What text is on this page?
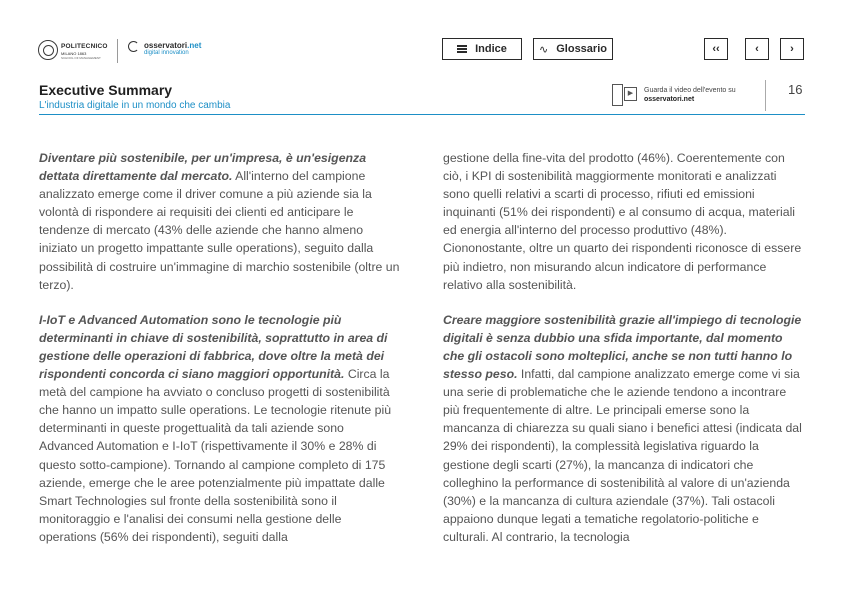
POLITECNICO
MILANO 1863
SCHOOL OF MANAGEMENT
osservatori.net
digital innovation	Indice	∿ Glossario	‹‹	‹	›
Executive Summary
L'industria digitale in un mondo che cambia
▶	Guarda il video dell'evento su
osservatori.net
16

Diventare più sostenibile, per un'impresa, è un'esigenza dettata direttamente dal mercato. All'interno del campione analizzato emerge come il driver comune a più aziende sia la volontà di rispondere ai requisiti dei clienti ed anticipare le tendenze di mercato (43% delle aziende che hanno almeno iniziato un progetto impattante sulle operations), seguito dalla possibilità di costruire un'immagine di marchio sostenibile (oltre un terzo).

I-IoT e Advanced Automation sono le tecnologie più determinanti in chiave di sostenibilità, soprattutto in area di gestione delle operazioni di fabbrica, dove oltre la metà dei rispondenti concorda ci siano maggiori opportunità. Circa la metà del campione ha avviato o concluso progetti di sostenibilità che hanno un impatto sulle operations. Le tecnologie ritenute più determinanti in queste progettualità da tali aziende sono Advanced Automation e I-IoT (rispettivamente il 30% e 28% di questo sotto-campione). Tornando al campione completo di 175 aziende, emerge che le aree potenzialmente più impattate dalle Smart Technologies sul fronte della sostenibilità sono il monitoraggio e l'analisi dei consumi nella gestione delle operations (56% dei rispondenti), seguiti dalla

gestione della fine-vita del prodotto (46%). Coerentemente con ciò, i KPI di sostenibilità maggiormente monitorati e analizzati sono quelli relativi a scarti di processo, rifiuti ed emissioni inquinanti (51% dei rispondenti) e al consumo di acqua, materiali ed energia all'interno del processo produttivo (48%). Ciononostante, oltre un quarto dei rispondenti riconosce di essere più indietro, non misurando alcun indicatore di performance relativo alla sostenibilità.

Creare maggiore sostenibilità grazie all'impiego di tecnologie digitali è senza dubbio una sfida importante, dal momento che gli ostacoli sono molteplici, anche se non tutti hanno lo stesso peso. Infatti, dal campione analizzato emerge come vi sia una serie di problematiche che le aziende tendono a incontrare più frequentemente di altre. Le principali emerse sono la mancanza di chiarezza su quali siano i benefici attesi (indicata dal 29% dei rispondenti), la complessità legislativa riguardo la gestione degli scarti (27%), la mancanza di indicatori che colleghino la performance di sostenibilità al valore di un'azienda (30%) e la mancanza di cultura aziendale (37%). Tali ostacoli appaiono dunque legati a tematiche regolatorio-politiche e culturali. Al contrario, la tecnologia
